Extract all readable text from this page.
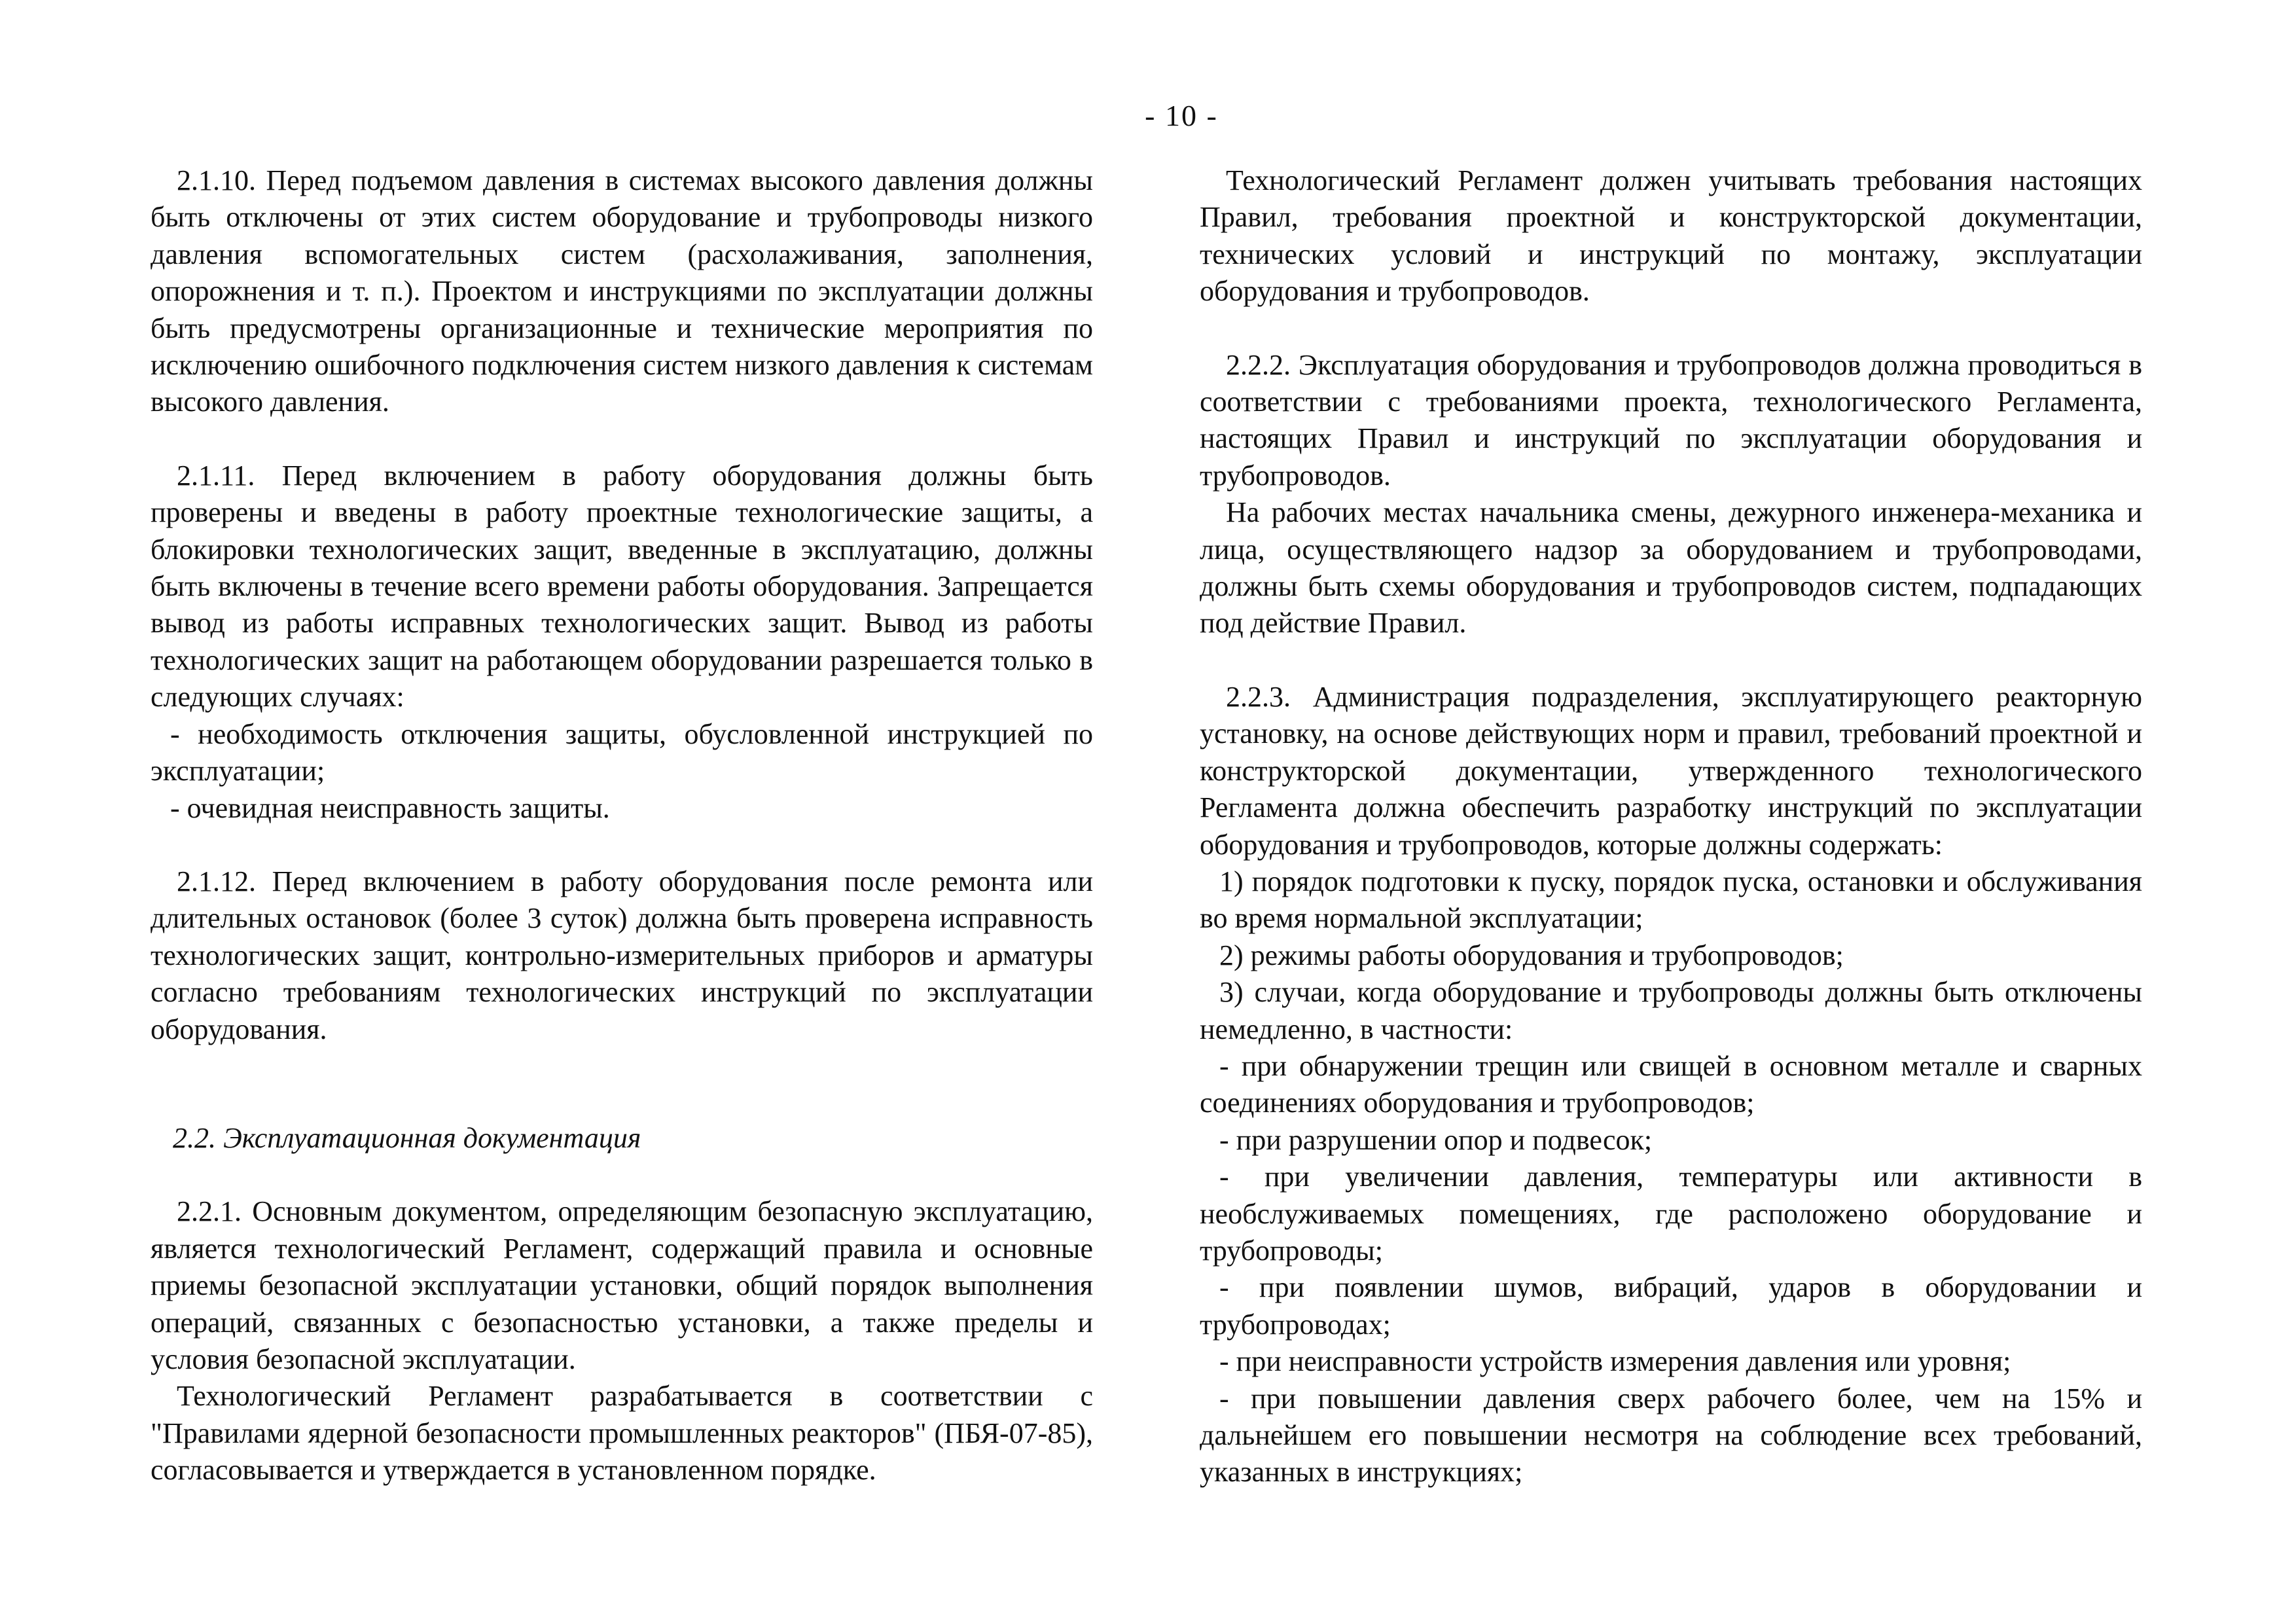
- 10 -

2.1.10. Перед подъемом давления в системах высокого давления должны быть отключены от этих систем оборудование и трубопроводы низкого давления вспомогательных систем (расхолаживания, заполнения, опорожнения и т. п.). Проектом и инструкциями по эксплуатации должны быть предусмотрены организационные и технические мероприятия по исключению ошибочного подключения систем низкого давления к системам высокого давления.

2.1.11. Перед включением в работу оборудования должны быть проверены и введены в работу проектные технологические защиты, а блокировки технологических защит, введенные в эксплуатацию, должны быть включены в течение всего времени работы оборудования. Запрещается вывод из работы исправных технологических защит. Вывод из работы технологических защит на работающем оборудовании разрешается только в следующих случаях:

- необходимость отключения защиты, обусловленной инструкцией по эксплуатации;

- очевидная неисправность защиты.

2.1.12. Перед включением в работу оборудования после ремонта или длительных остановок (более 3 суток) должна быть проверена исправность технологических защит, контрольно-измерительных приборов и арматуры согласно требованиям технологических инструкций по эксплуатации оборудования.

2.2. Эксплуатационная документация

2.2.1. Основным документом, определяющим безопасную эксплуатацию, является технологический Регламент, содержащий правила и основные приемы безопасной эксплуатации установки, общий порядок выполнения операций, связанных с безопасностью установки, а также пределы и условия безопасной эксплуатации.

Технологический Регламент разрабатывается в соответствии с "Правилами ядерной безопасности промышленных реакторов" (ПБЯ-07-85), согласовывается и утверждается в установленном порядке.

Технологический Регламент должен учитывать требования настоящих Правил, требования проектной и конструкторской документации, технических условий и инструкций по монтажу, эксплуатации оборудования и трубопроводов.

2.2.2. Эксплуатация оборудования и трубопроводов должна проводиться в соответствии с требованиями проекта, технологического Регламента, настоящих Правил и инструкций по эксплуатации оборудования и трубопроводов.

На рабочих местах начальника смены, дежурного инженера-механика и лица, осуществляющего надзор за оборудованием и трубопроводами, должны быть схемы оборудования и трубопроводов систем, подпадающих под действие Правил.

2.2.3. Администрация подразделения, эксплуатирующего реакторную установку, на основе действующих норм и правил, требований проектной и конструкторской документации, утвержденного технологического Регламента должна обеспечить разработку инструкций по эксплуатации оборудования и трубопроводов, которые должны содержать:

1) порядок подготовки к пуску, порядок пуска, остановки и обслуживания во время нормальной эксплуатации;

2) режимы работы оборудования и трубопроводов;

3) случаи, когда оборудование и трубопроводы должны быть отключены немедленно, в частности:

- при обнаружении трещин или свищей в основном металле и сварных соединениях оборудования и трубопроводов;

- при разрушении опор и подвесок;

- при увеличении давления, температуры или активности в необслуживаемых помещениях, где расположено оборудование и трубопроводы;

- при появлении шумов, вибраций, ударов в оборудовании и трубопроводах;

- при неисправности устройств измерения давления или уровня;

- при повышении давления сверх рабочего более, чем на 15% и дальнейшем его повышении несмотря на соблюдение всех требований, указанных в инструкциях;
